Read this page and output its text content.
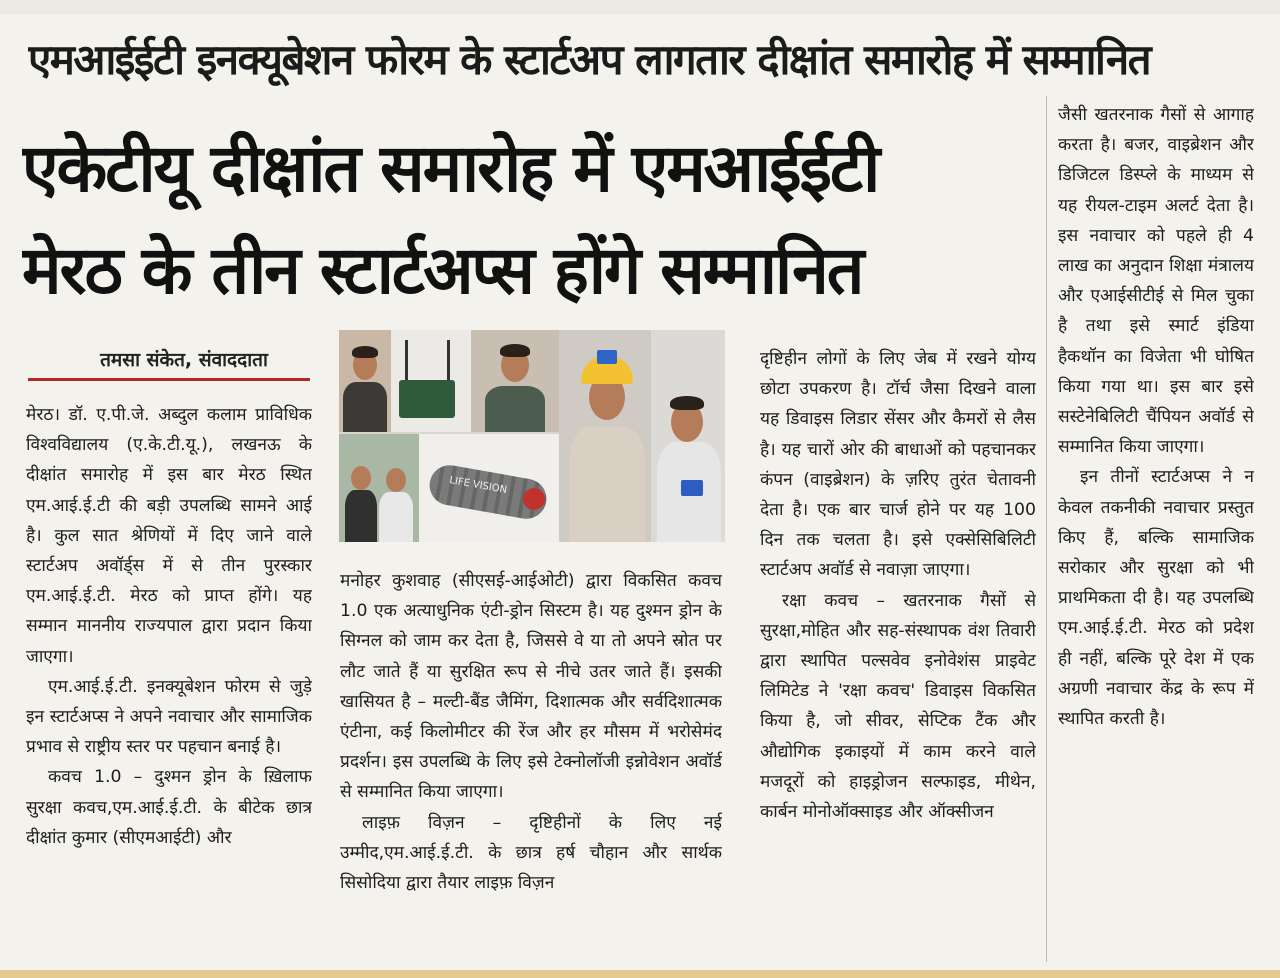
एमआईईटी इनक्यूबेशन फोरम के स्टार्टअप लागतार दीक्षांत समारोह में सम्मानित
एकेटीयू दीक्षांत समारोह में एमआईईटी
मेरठ के तीन स्टार्टअप्स होंगे सम्मानित
तमसा संकेत, संवाददाता

मेरठ। डॉ. ए.पी.जे. अब्दुल कलाम प्राविधिक विश्वविद्यालय (ए.के.टी.यू.), लखनऊ के दीक्षांत समारोह में इस बार मेरठ स्थित एम.आई.ई.टी की बड़ी उपलब्धि सामने आई है। कुल सात श्रेणियों में दिए जाने वाले स्टार्टअप अवॉर्ड्स में से तीन पुरस्कार एम.आई.ई.टी. मेरठ को प्राप्त होंगे। यह सम्मान माननीय राज्यपाल द्वारा प्रदान किया जाएगा।

एम.आई.ई.टी. इनक्यूबेशन फोरम से जुड़े इन स्टार्टअप्स ने अपने नवाचार और सामाजिक प्रभाव से राष्ट्रीय स्तर पर पहचान बनाई है।

कवच 1.0 – दुश्मन ड्रोन के ख़िलाफ सुरक्षा कवच,एम.आई.ई.टी. के बीटेक छात्र दीक्षांत कुमार (सीएमआईटी) और

LIFE VISION

मनोहर कुशवाह (सीएसई-आईओटी) द्वारा विकसित कवच 1.0 एक अत्याधुनिक एंटी-ड्रोन सिस्टम है। यह दुश्मन ड्रोन के सिग्नल को जाम कर देता है, जिससे वे या तो अपने स्रोत पर लौट जाते हैं या सुरक्षित रूप से नीचे उतर जाते हैं। इसकी खासियत है – मल्टी-बैंड जैमिंग, दिशात्मक और सर्वदिशात्मक एंटीना, कई किलोमीटर की रेंज और हर मौसम में भरोसेमंद प्रदर्शन। इस उपलब्धि के लिए इसे टेक्नोलॉजी इन्नोवेशन अवॉर्ड से सम्मानित किया जाएगा।

लाइफ़ विज़न – दृष्टिहीनों के लिए नई उम्मीद,एम.आई.ई.टी. के छात्र हर्ष चौहान और सार्थक सिसोदिया द्वारा तैयार लाइफ़ विज़न

दृष्टिहीन लोगों के लिए जेब में रखने योग्य छोटा उपकरण है। टॉर्च जैसा दिखने वाला यह डिवाइस लिडार सेंसर और कैमरों से लैस है। यह चारों ओर की बाधाओं को पहचानकर कंपन (वाइब्रेशन) के ज़रिए तुरंत चेतावनी देता है। एक बार चार्ज होने पर यह 100 दिन तक चलता है। इसे एक्सेसिबिलिटी स्टार्टअप अवॉर्ड से नवाज़ा जाएगा।

रक्षा कवच – खतरनाक गैसों से सुरक्षा,मोहित और सह-संस्थापक वंश तिवारी द्वारा स्थापित पल्सवेव इनोवेशंस प्राइवेट लिमिटेड ने 'रक्षा कवच' डिवाइस विकसित किया है, जो सीवर, सेप्टिक टैंक और औद्योगिक इकाइयों में काम करने वाले मजदूरों को हाइड्रोजन सल्फाइड, मीथेन, कार्बन मोनोऑक्साइड और ऑक्सीजन

जैसी खतरनाक गैसों से आगाह करता है। बजर, वाइब्रेशन और डिजिटल डिस्प्ले के माध्यम से यह रीयल-टाइम अलर्ट देता है। इस नवाचार को पहले ही 4 लाख का अनुदान शिक्षा मंत्रालय और एआईसीटीई से मिल चुका है तथा इसे स्मार्ट इंडिया हैकथॉन का विजेता भी घोषित किया गया था। इस बार इसे सस्टेनेबिलिटी चैंपियन अवॉर्ड से सम्मानित किया जाएगा।

इन तीनों स्टार्टअप्स ने न केवल तकनीकी नवाचार प्रस्तुत किए हैं, बल्कि सामाजिक सरोकार और सुरक्षा को भी प्राथमिकता दी है। यह उपलब्धि एम.आई.ई.टी. मेरठ को प्रदेश ही नहीं, बल्कि पूरे देश में एक अग्रणी नवाचार केंद्र के रूप में स्थापित करती है।
